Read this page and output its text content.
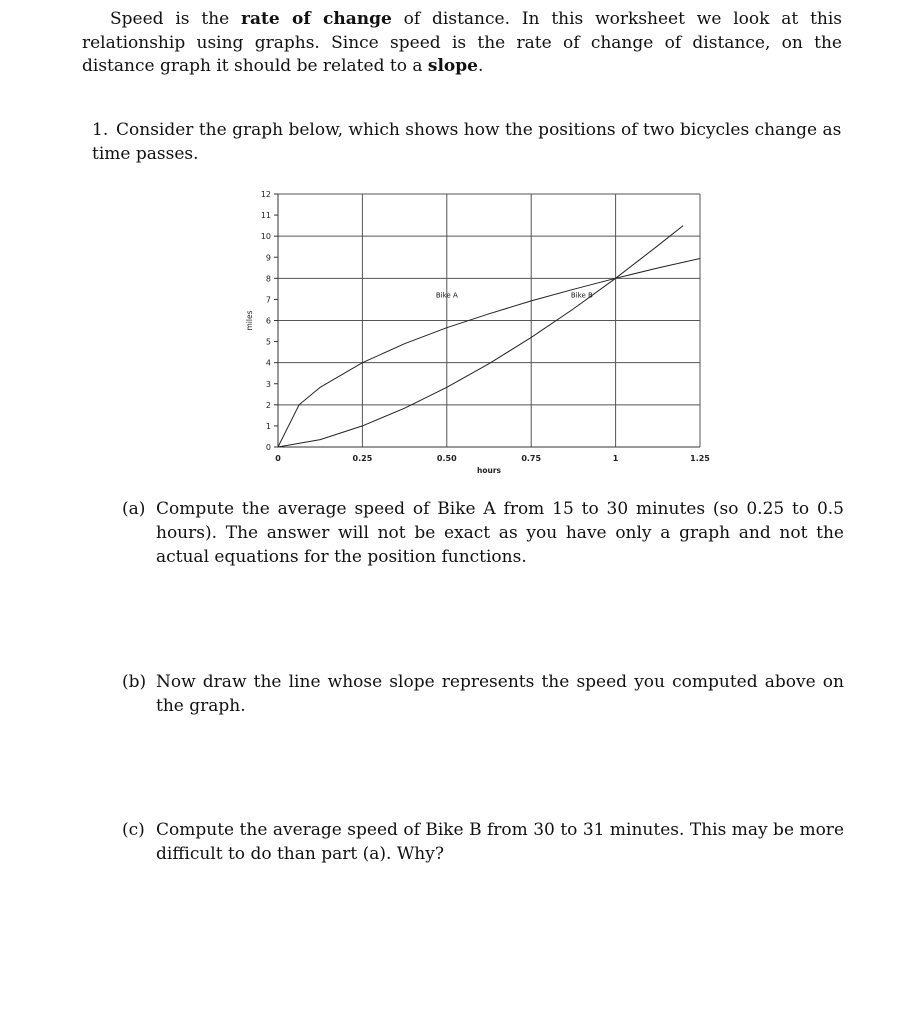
Speed is the rate of change of distance. In this worksheet we look at this relationship using graphs. Since speed is the rate of change of distance, on the distance graph it should be related to a slope.

1. Consider the graph below, which shows how the positions of two bicycles change as time passes.
0
1
2
3
4
5
6
7
8
9
10
11
12
0	0.25	0.50	0.75	1	1.25
hours
miles
Bike A	Bike B
(a) Compute the average speed of Bike A from 15 to 30 minutes (so 0.25 to 0.5 hours). The answer will not be exact as you have only a graph and not the actual equations for the position functions.
(b) Now draw the line whose slope represents the speed you computed above on the graph.
(c) Compute the average speed of Bike B from 30 to 31 minutes. This may be more difficult to do than part (a). Why?
